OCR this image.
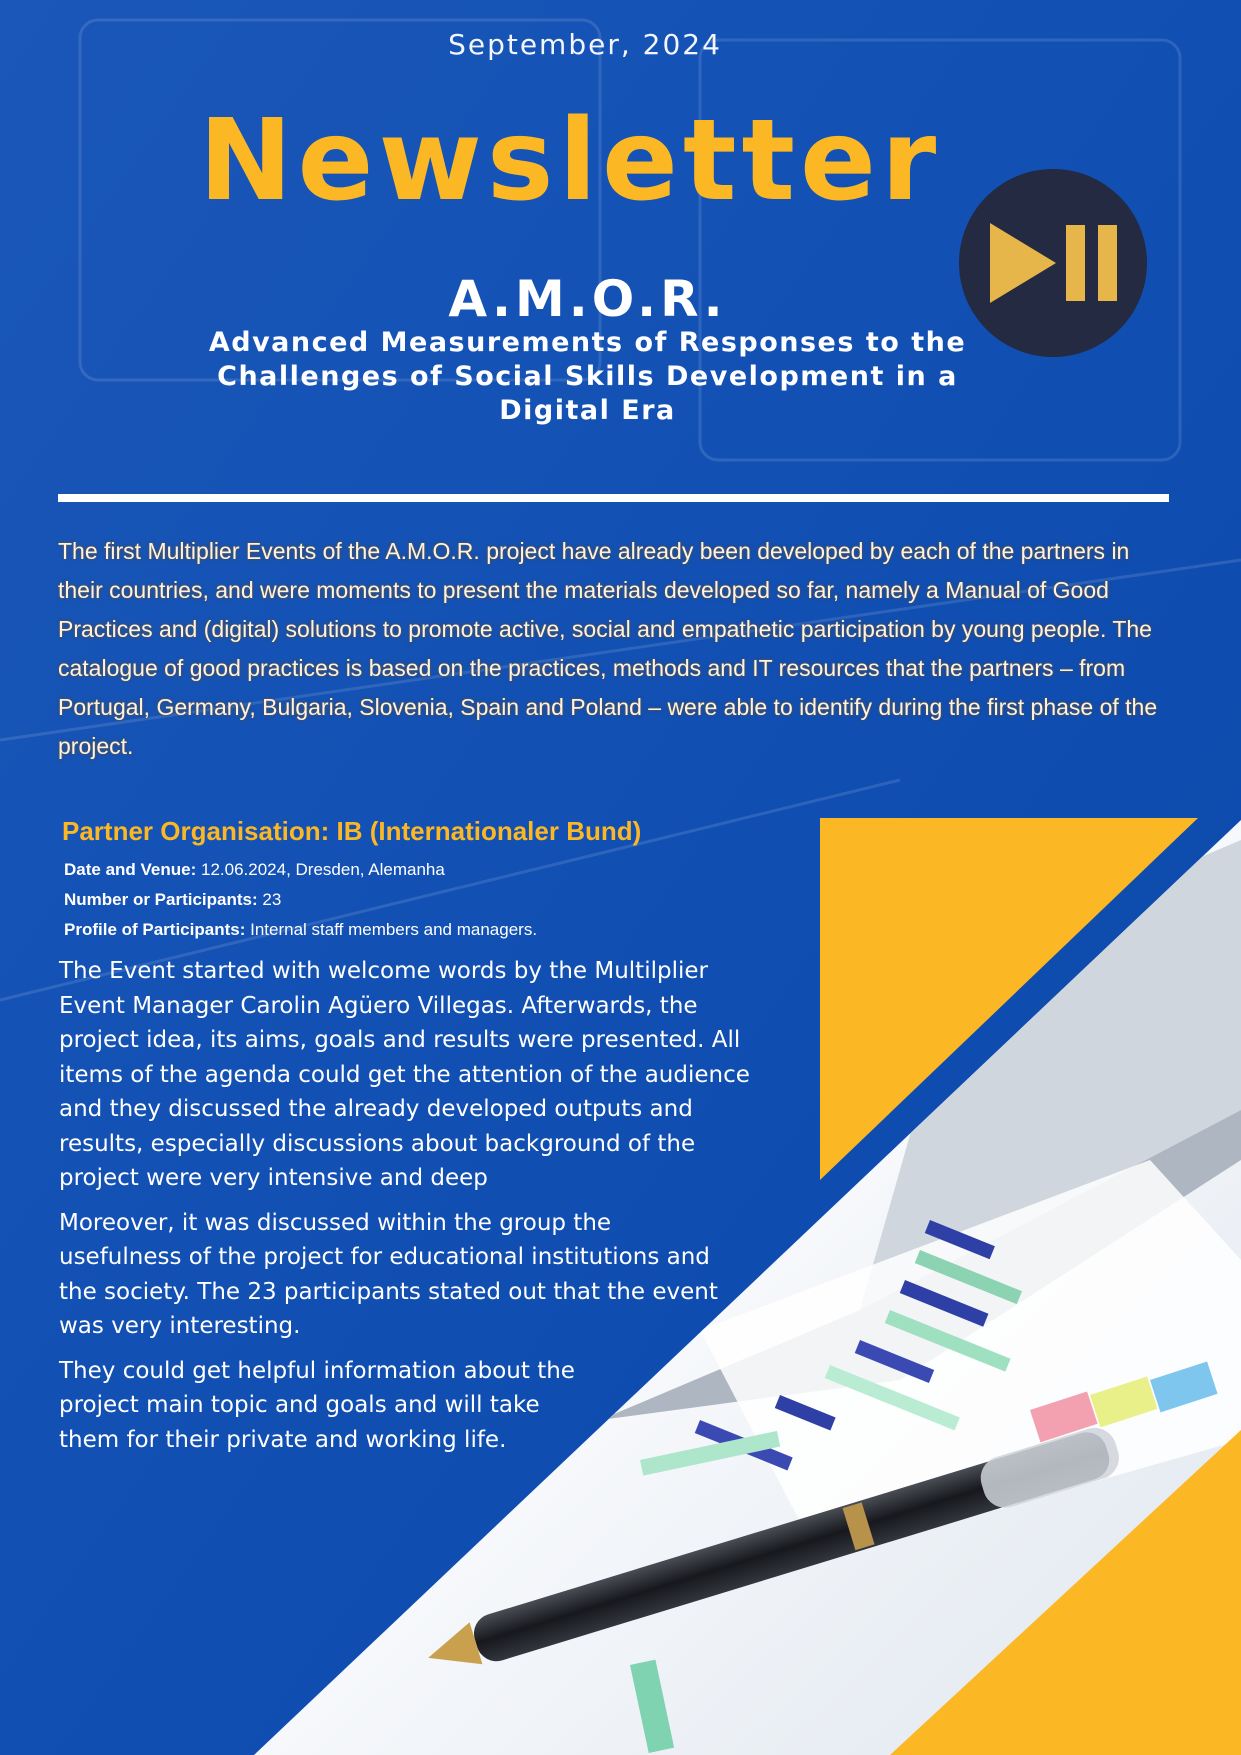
September, 2024
Newsletter
A.M.O.R.
Advanced Measurements of Responses to the Challenges of Social Skills Development in a Digital Era
The first Multiplier Events of the A.M.O.R. project have already been developed by each of the partners in their countries, and were moments to present the materials developed so far, namely a Manual of Good Practices and (digital) solutions to promote active, social and empathetic participation by young people. The catalogue of good practices is based on the practices, methods and IT resources that the partners – from Portugal, Germany, Bulgaria, Slovenia, Spain and Poland – were able to identify during the first phase of the project.
Partner Organisation: IB (Internationaler Bund)
Date and Venue: 12.06.2024, Dresden, Alemanha
Number or Participants: 23
Profile of Participants: Internal staff members and managers.

The Event started with welcome words by the Multilplier Event Manager Carolin Agüero Villegas. Afterwards, the project idea, its aims, goals and results were presented. All items of the agenda could get the attention of the audience and they discussed the already developed outputs and results, especially discussions about background of the project were very intensive and deep

Moreover, it was discussed within the group the usefulness of the project for educational institutions and the society. The 23 participants stated out that the event was very interesting.

They could get helpful information about the project main topic and goals and will take them for their private and working life.
